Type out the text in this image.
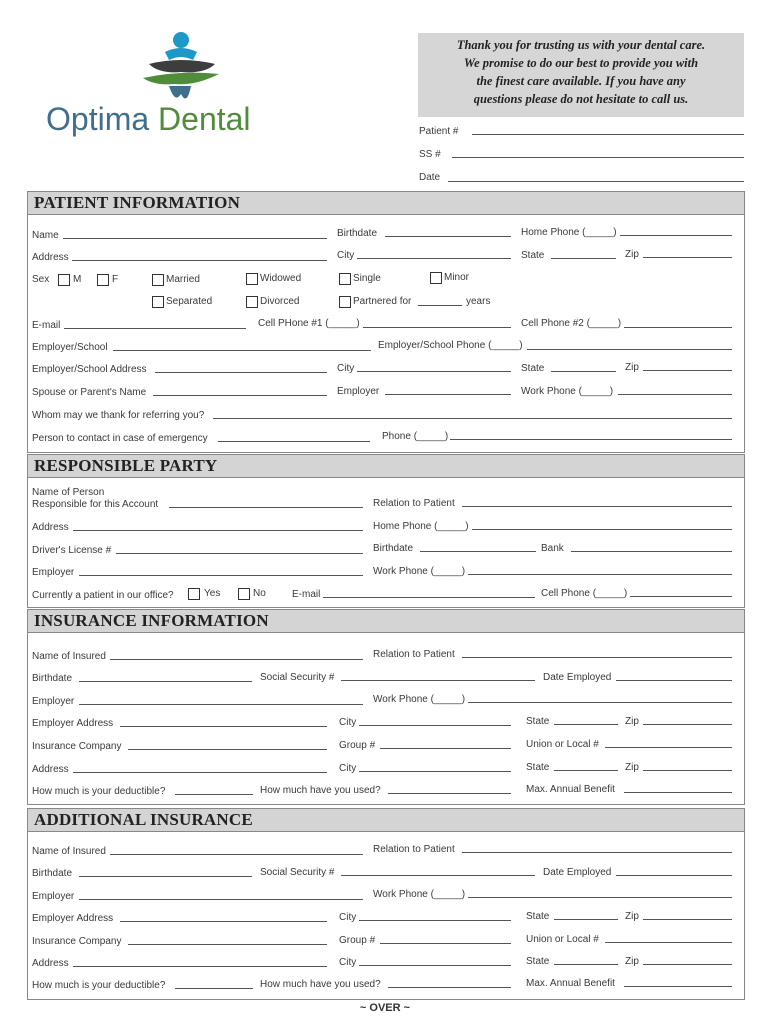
Optima Dental
Thank you for trusting us with your dental care.
We promise to do our best to provide you with
the finest care available. If you have any
questions please do not hesitate to call us.
Patient #
SS #
Date
PATIENT INFORMATION
Name	Birthdate	Home Phone (_____)
Address	City	State	Zip
Sex M	F	Married	Widowed	Single	Minor
Separated	Divorced	Partnered for	years
E-mail	Cell PHone #1 (_____)	Cell Phone #2 (_____)
Employer/School	Employer/School Phone (_____)
Employer/School Address	City	State	Zip
Spouse or Parent's Name	Employer	Work Phone (_____)
Whom may we thank for referring you?
Person to contact in case of emergency	Phone (_____)
RESPONSIBLE PARTY
Name of Person
Responsible for this Account	Relation to Patient
Address	Home Phone (_____)
Driver's License #	Birthdate	Bank
Employer	Work Phone (_____)
Currently a patient in our office?	Yes	No	E-mail	Cell Phone (_____)
INSURANCE INFORMATION
Name of Insured	Relation to Patient
Birthdate	Social Security #	Date Employed
Employer	Work Phone (_____)
Employer Address	City	State	Zip
Insurance Company	Group #	Union or Local #
Address	City	State	Zip
How much is your deductible?	How much have you used?	Max. Annual Benefit
ADDITIONAL INSURANCE
Name of Insured	Relation to Patient
Birthdate	Social Security #	Date Employed
Employer	Work Phone (_____)
Employer Address	City	State	Zip
Insurance Company	Group #	Union or Local #
Address	City	State	Zip
How much is your deductible?	How much have you used?	Max. Annual Benefit
~ OVER ~
